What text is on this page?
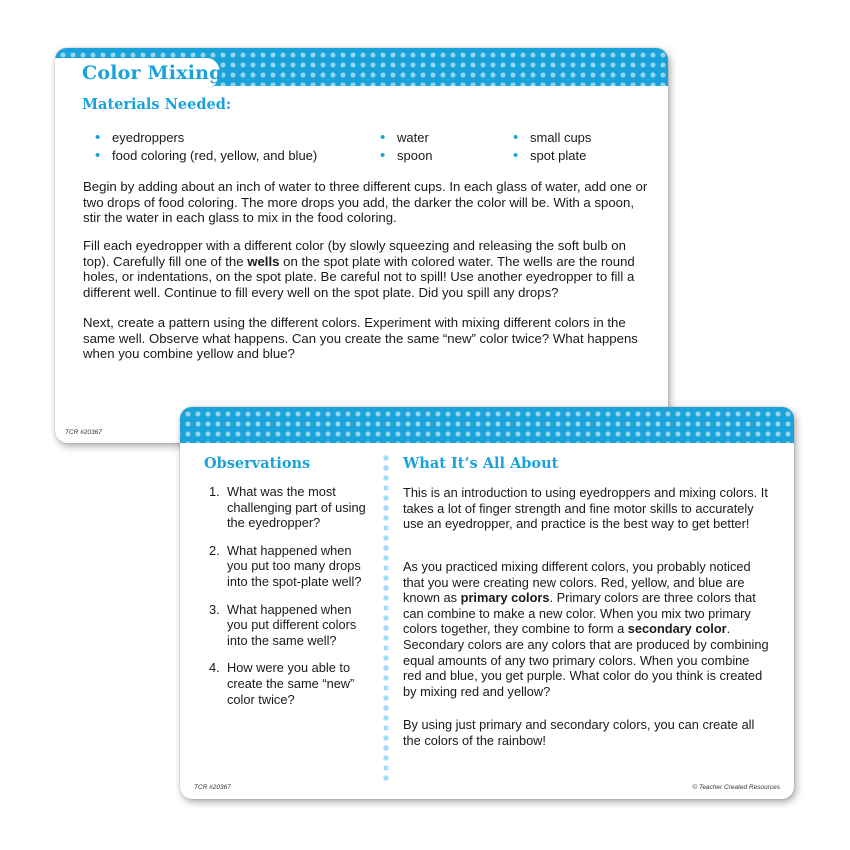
Color Mixing
Materials Needed:
• eyedroppers
• food coloring (red, yellow, and blue)
• water
• spoon
• small cups
• spot plate

Begin by adding about an inch of water to three different cups. In each glass of water, add one or two drops of food coloring. The more drops you add, the darker the color will be. With a spoon, stir the water in each glass to mix in the food coloring.

Fill each eyedropper with a different color (by slowly squeezing and releasing the soft bulb on top). Carefully fill one of the wells on the spot plate with colored water. The wells are the round holes, or indentations, on the spot plate. Be careful not to spill! Use another eyedropper to fill a different well. Continue to fill every well on the spot plate. Did you spill any drops?

Next, create a pattern using the different colors. Experiment with mixing different colors in the same well. Observe what happens. Can you create the same “new” color twice? What happens when you combine yellow and blue?

TCR #20367
Observations
1. What was the most challenging part of using the eyedropper?
2. What happened when you put too many drops into the spot-plate well?
3. What happened when you put different colors into the same well?
4. How were you able to create the same “new” color twice?
What It’s All About

This is an introduction to using eyedroppers and mixing colors. It takes a lot of finger strength and fine motor skills to accurately use an eyedropper, and practice is the best way to get better!

As you practiced mixing different colors, you probably noticed that you were creating new colors. Red, yellow, and blue are known as primary colors. Primary colors are three colors that can combine to make a new color. When you mix two primary colors together, they combine to form a secondary color. Secondary colors are any colors that are produced by combining equal amounts of any two primary colors. When you combine red and blue, you get purple. What color do you think is created by mixing red and yellow?

By using just primary and secondary colors, you can create all the colors of the rainbow!

TCR #20367	© Teacher Created Resources
